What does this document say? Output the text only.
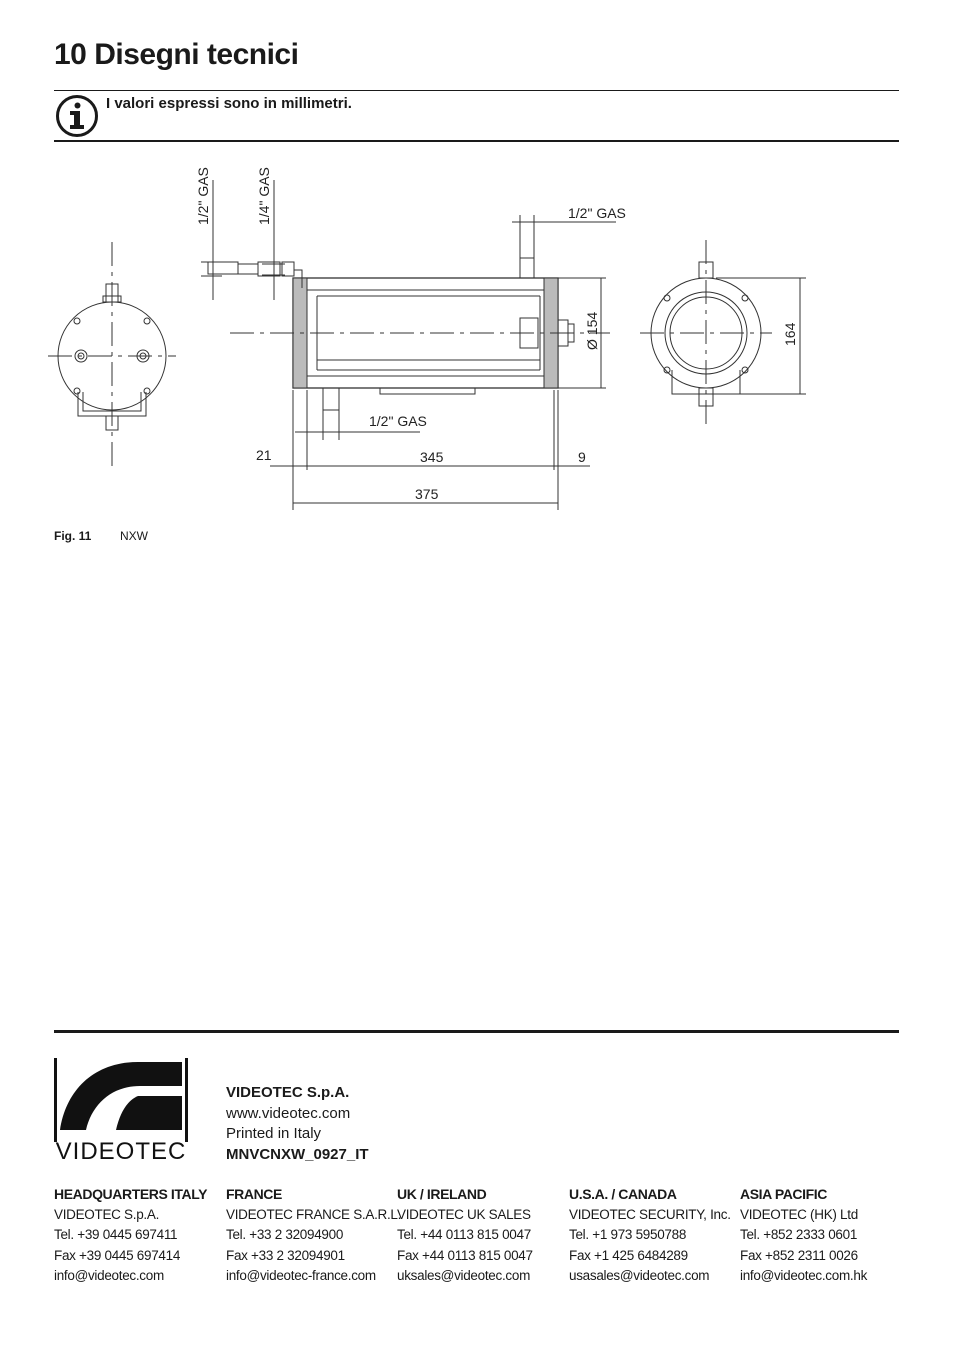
10 Disegni tecnici
I valori espressi sono in millimetri.
1/2" GAS	1/4" GAS	1/2" GAS
1/2" GAS
Ø 154	164
21	345	9
375
Fig. 11 NXW
VIDEOTEC
VIDEOTEC S.p.A.
www.videotec.com
Printed in Italy
MNVCNXW_0927_IT
HEADQUARTERS ITALY
VIDEOTEC S.p.A.
Tel. +39 0445 697411
Fax +39 0445 697414
info@videotec.com
FRANCE
VIDEOTEC FRANCE S.A.R.L.
Tel. +33 2 32094900
Fax +33 2 32094901
info@videotec-france.com
UK / IRELAND
VIDEOTEC UK SALES
Tel. +44 0113 815 0047
Fax +44 0113 815 0047
uksales@videotec.com
U.S.A. / CANADA
VIDEOTEC SECURITY, Inc.
Tel. +1 973 5950788
Fax +1 425 6484289
usasales@videotec.com
ASIA PACIFIC
VIDEOTEC (HK) Ltd
Tel. +852 2333 0601
Fax +852 2311 0026
info@videotec.com.hk
